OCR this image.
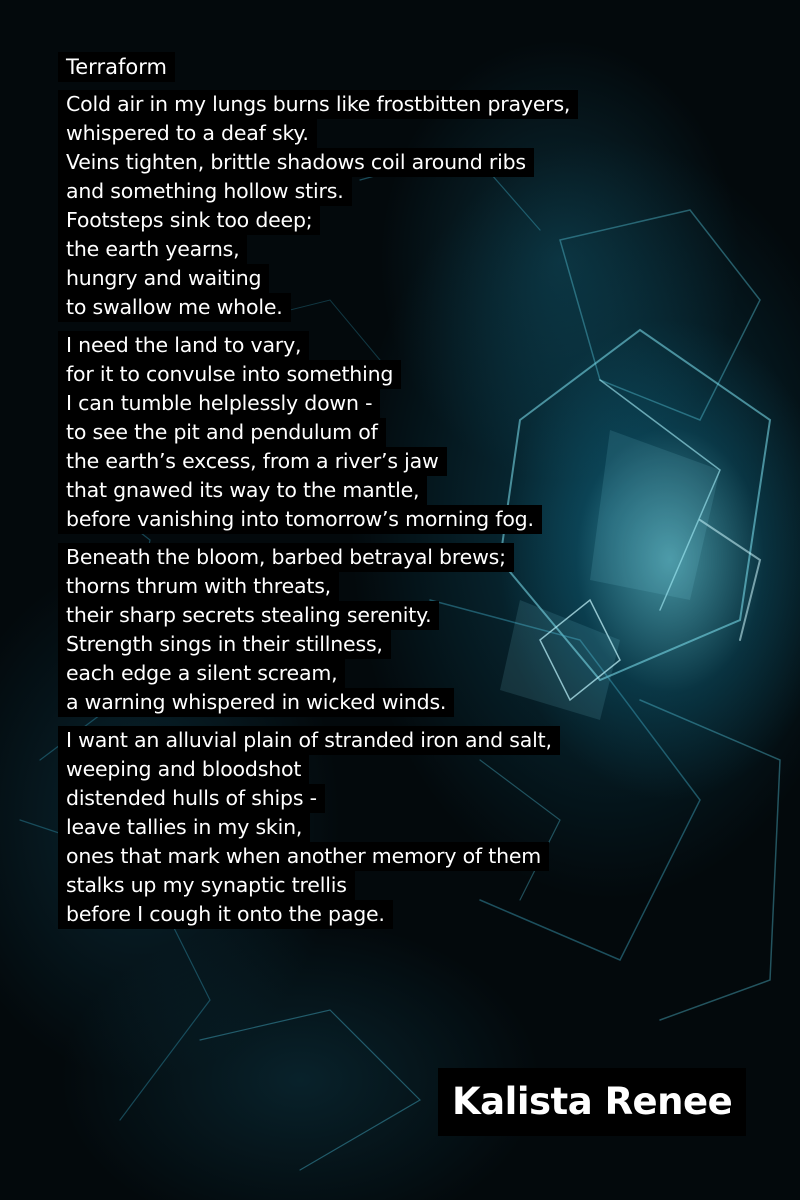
Terraform
Cold air in my lungs burns like frostbitten prayers,
whispered to a deaf sky.
Veins tighten, brittle shadows coil around ribs
and something hollow stirs.
Footsteps sink too deep;
the earth yearns,
hungry and waiting
to swallow me whole.
I need the land to vary,
for it to convulse into something
I can tumble helplessly down -
to see the pit and pendulum of
the earth’s excess, from a river’s jaw
that gnawed its way to the mantle,
before vanishing into tomorrow’s morning fog.
Beneath the bloom, barbed betrayal brews;
thorns thrum with threats,
their sharp secrets stealing serenity.
Strength sings in their stillness,
each edge a silent scream,
a warning whispered in wicked winds.
I want an alluvial plain of stranded iron and salt,
weeping and bloodshot
distended hulls of ships -
leave tallies in my skin,
ones that mark when another memory of them
stalks up my synaptic trellis
before I cough it onto the page.
Kalista Renee
